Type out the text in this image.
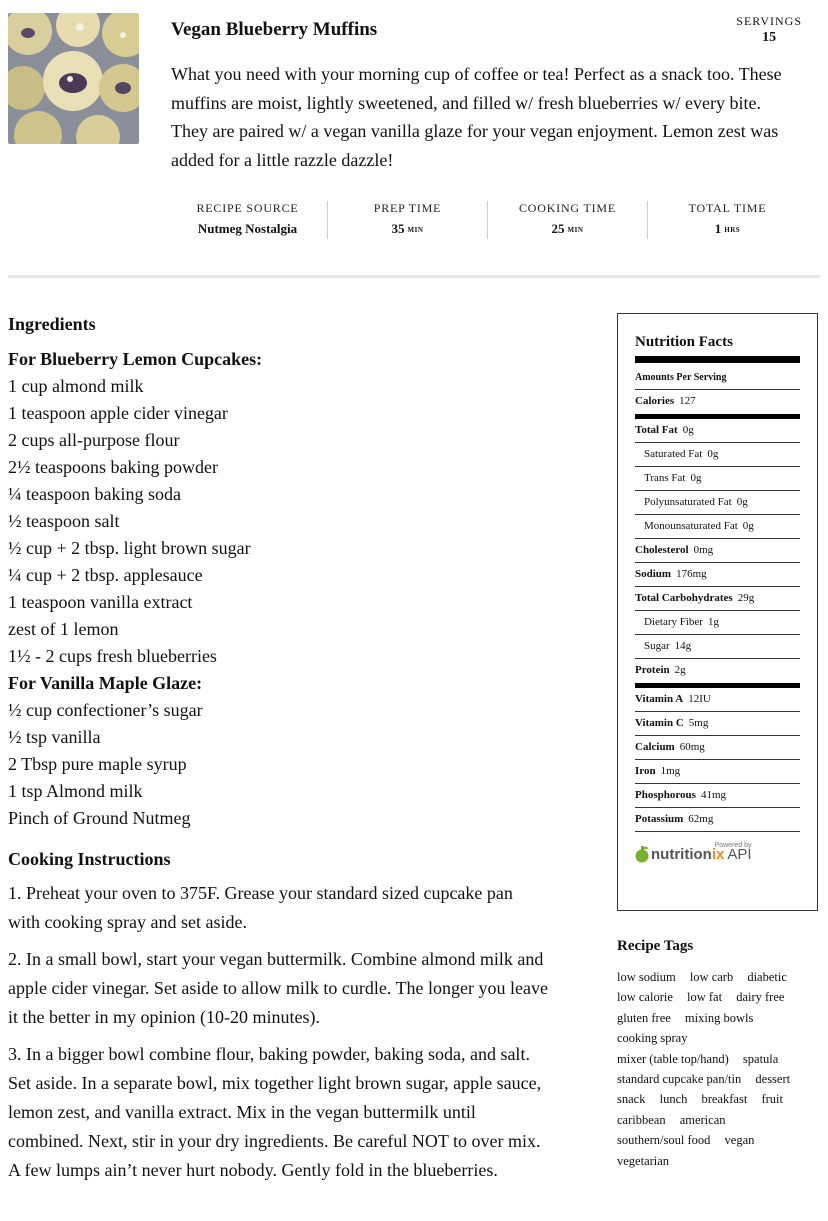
Vegan Blueberry Muffins	SERVINGS
15

What you need with your morning cup of coffee or tea! Perfect as a snack too. These muffins are moist, lightly sweetened, and filled w/ fresh blueberries w/ every bite. They are paired w/ a vegan vanilla glaze for your vegan enjoyment. Lemon zest was added for a little razzle dazzle!

RECIPE SOURCE
Nutmeg Nostalgia
PREP TIME
35 MIN
COOKING TIME
25 MIN
TOTAL TIME
1 HRS
Ingredients
For Blueberry Lemon Cupcakes:
1 cup almond milk
1 teaspoon apple cider vinegar
2 cups all-purpose flour
2½ teaspoons baking powder
¼ teaspoon baking soda
½ teaspoon salt
½ cup + 2 tbsp. light brown sugar
¼ cup + 2 tbsp. applesauce
1 teaspoon vanilla extract
zest of 1 lemon
1½ - 2 cups fresh blueberries
For Vanilla Maple Glaze:
½ cup confectioner’s sugar
½ tsp vanilla
2 Tbsp pure maple syrup
1 tsp Almond milk
Pinch of Ground Nutmeg
Cooking Instructions

1. Preheat your oven to 375F. Grease your standard sized cupcake pan with cooking spray and set aside.

2. In a small bowl, start your vegan buttermilk. Combine almond milk and apple cider vinegar. Set aside to allow milk to curdle. The longer you leave it the better in my opinion (10-20 minutes).

3. In a bigger bowl combine flour, baking powder, baking soda, and salt. Set aside. In a separate bowl, mix together light brown sugar, apple sauce, lemon zest, and vanilla extract. Mix in the vegan buttermilk until combined. Next, stir in your dry ingredients. Be careful NOT to over mix. A few lumps ain’t never hurt nobody. Gently fold in the blueberries.

Nutrition Facts
Amounts Per Serving
Calories 127
Total Fat 0g
Saturated Fat 0g
Trans Fat 0g
Polyunsaturated Fat 0g
Monounsaturated Fat 0g
Cholesterol 0mg
Sodium 176mg
Total Carbohydrates 29g
Dietary Fiber 1g
Sugar 14g
Protein 2g
Vitamin A 12IU
Vitamin C 5mg
Calcium 60mg
Iron 1mg
Phosphorous 41mg
Potassium 62mg
Powered by
nutritionix API
Recipe Tags
low sodium low carb diabetic low calorie low fat dairy free gluten free mixing bowls cooking spray mixer (table top/hand) spatula standard cupcake pan/tin dessert snack lunch breakfast fruit caribbean american southern/soul food vegan vegetarian
